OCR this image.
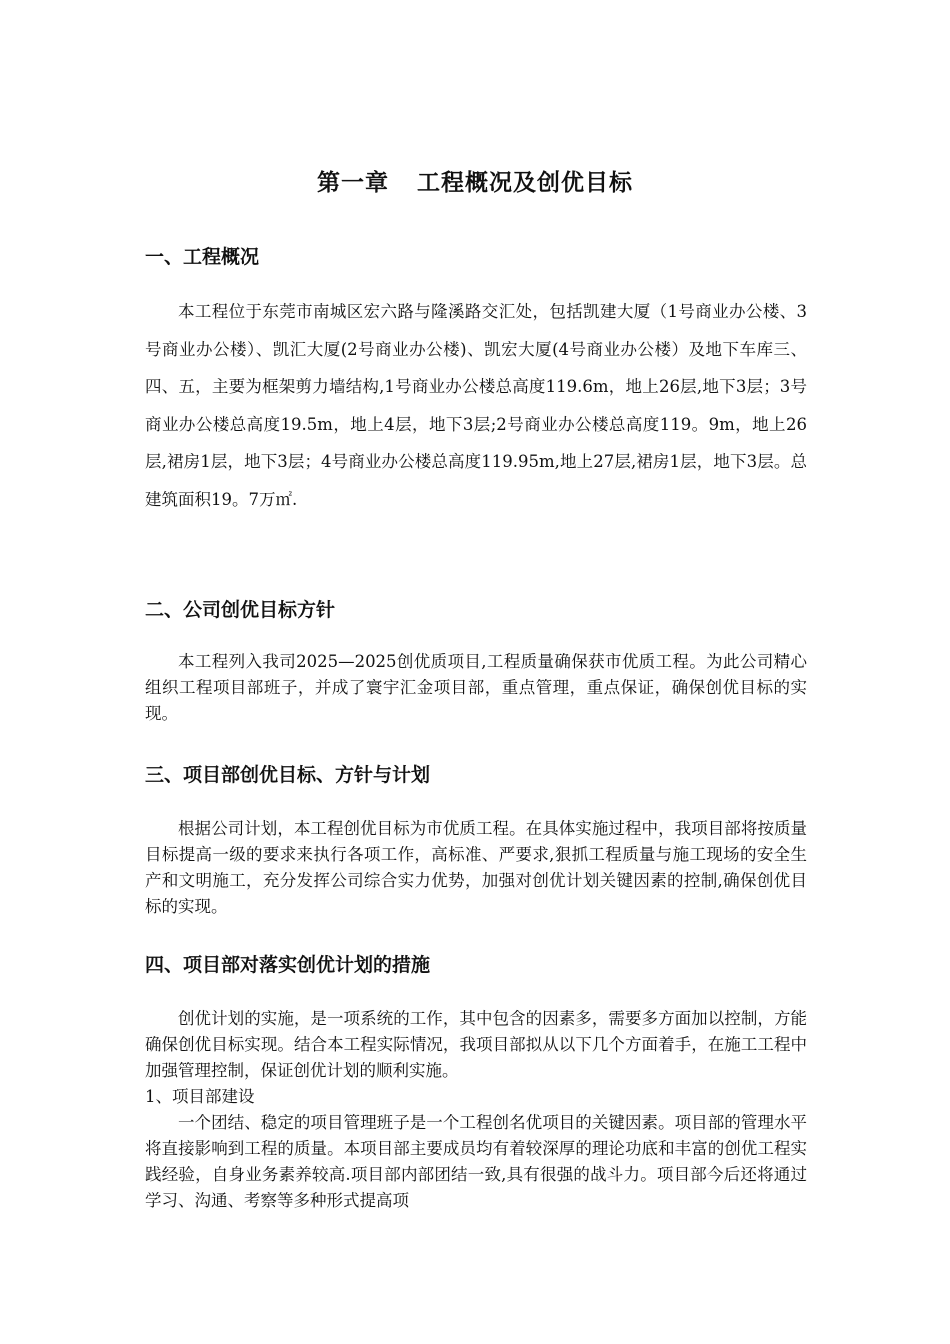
第一章 工程概况及创优目标
一、工程概况

本工程位于东莞市南城区宏六路与隆溪路交汇处，包括凯建大厦（1号商业办公楼、3号商业办公楼）、凯汇大厦(2号商业办公楼)、凯宏大厦(4号商业办公楼）及地下车库三、四、五，主要为框架剪力墙结构,1号商业办公楼总高度119.6m，地上26层,地下3层；3号商业办公楼总高度19.5m，地上4层，地下3层;2号商业办公楼总高度119。9m，地上26层,裙房1层，地下3层；4号商业办公楼总高度119.95m,地上27层,裙房1层，地下3层。总建筑面积19。7万㎡.

二、公司创优目标方针

本工程列入我司2025—2025创优质项目,工程质量确保获市优质工程。为此公司精心组织工程项目部班子，并成了寰宇汇金项目部，重点管理，重点保证，确保创优目标的实现。

三、项目部创优目标、方针与计划

根据公司计划，本工程创优目标为市优质工程。在具体实施过程中，我项目部将按质量目标提高一级的要求来执行各项工作，高标准、严要求,狠抓工程质量与施工现场的安全生产和文明施工，充分发挥公司综合实力优势，加强对创优计划关键因素的控制,确保创优目标的实现。

四、项目部对落实创优计划的措施

创优计划的实施，是一项系统的工作，其中包含的因素多，需要多方面加以控制，方能确保创优目标实现。结合本工程实际情况，我项目部拟从以下几个方面着手，在施工工程中加强管理控制，保证创优计划的顺利实施。

1、项目部建设

一个团结、稳定的项目管理班子是一个工程创名优项目的关键因素。项目部的管理水平将直接影响到工程的质量。本项目部主要成员均有着较深厚的理论功底和丰富的创优工程实践经验，自身业务素养较高.项目部内部团结一致,具有很强的战斗力。项目部今后还将通过学习、沟通、考察等多种形式提高项
